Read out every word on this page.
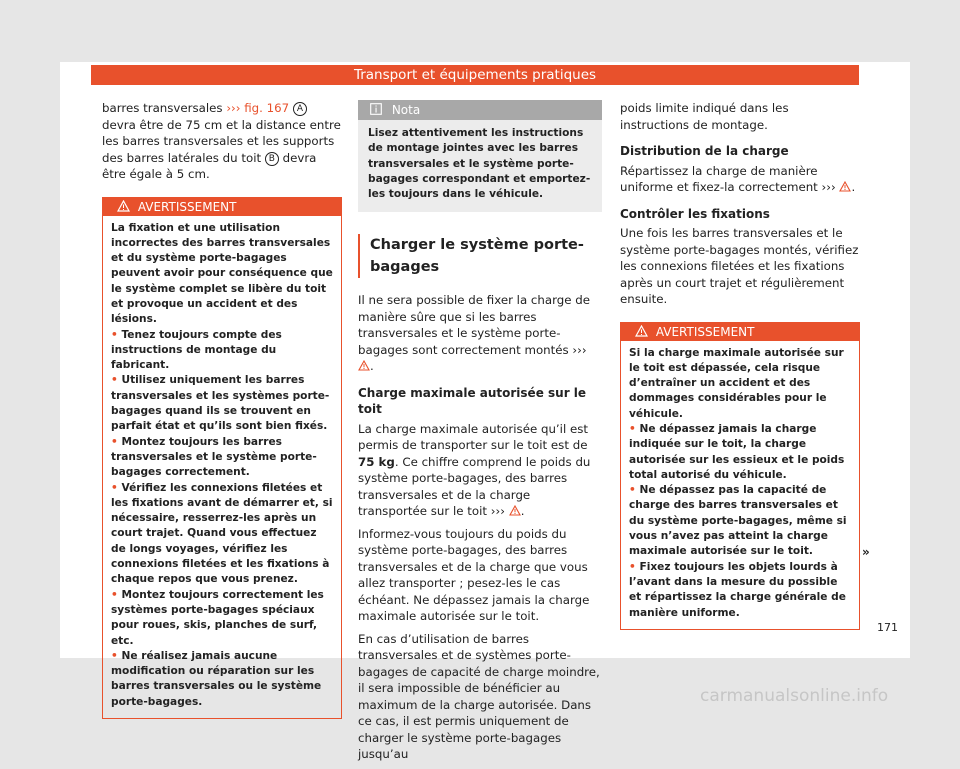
Transport et équipements pratiques

barres transversales ››› fig. 167 A devra être de 75 cm et la distance entre les barres transversales et les supports des barres latérales du toit B devra être égale à 5 cm.

AVERTISSEMENT

La fixation et une utilisation incorrectes des barres transversales et du système porte-bagages peuvent avoir pour conséquence que le système complet se libère du toit et provoque un accident et des lésions.

• Tenez toujours compte des instructions de montage du fabricant.

• Utilisez uniquement les barres transversales et les systèmes porte-bagages quand ils se trouvent en parfait état et qu’ils sont bien fixés.

• Montez toujours les barres transversales et le système porte-bagages correctement.

• Vérifiez les connexions filetées et les fixations avant de démarrer et, si nécessaire, resserrez-les après un court trajet. Quand vous effectuez de longs voyages, vérifiez les connexions filetées et les fixations à chaque repos que vous prenez.

• Montez toujours correctement les systèmes porte-bagages spéciaux pour roues, skis, planches de surf, etc.

• Ne réalisez jamais aucune modification ou réparation sur les barres transversales ou le système porte-bagages.

Nota
Lisez attentivement les instructions de montage jointes avec les barres transversales et le système porte-bagages correspondant et emportez-les toujours dans le véhicule.
Charger le système porte-bagages

Il ne sera possible de fixer la charge de manière sûre que si les barres transversales et le système porte-bagages sont correctement montés ››› .

Charge maximale autorisée sur le toit

La charge maximale autorisée qu’il est permis de transporter sur le toit est de 75 kg. Ce chiffre comprend le poids du système porte-bagages, des barres transversales et de la charge transportée sur le toit ››› .

Informez-vous toujours du poids du système porte-bagages, des barres transversales et de la charge que vous allez transporter ; pesez-les le cas échéant. Ne dépassez jamais la charge maximale autorisée sur le toit.

En cas d’utilisation de barres transversales et de systèmes porte-bagages de capacité de charge moindre, il sera impossible de bénéficier au maximum de la charge autorisée. Dans ce cas, il est permis uniquement de charger le système porte-bagages jusqu’au

poids limite indiqué dans les instructions de montage.

Distribution de la charge

Répartissez la charge de manière uniforme et fixez-la correctement ››› .

Contrôler les fixations

Une fois les barres transversales et le système porte-bagages montés, vérifiez les connexions filetées et les fixations après un court trajet et régulièrement ensuite.

AVERTISSEMENT

Si la charge maximale autorisée sur le toit est dépassée, cela risque d’entraîner un accident et des dommages considérables pour le véhicule.

• Ne dépassez jamais la charge indiquée sur le toit, la charge autorisée sur les essieux et le poids total autorisé du véhicule.

• Ne dépassez pas la capacité de charge des barres transversales et du système porte-bagages, même si vous n’avez pas atteint la charge maximale autorisée sur le toit.

• Fixez toujours les objets lourds à l’avant dans la mesure du possible et répartissez la charge générale de manière uniforme.

»
171
carmanualsonline.info
